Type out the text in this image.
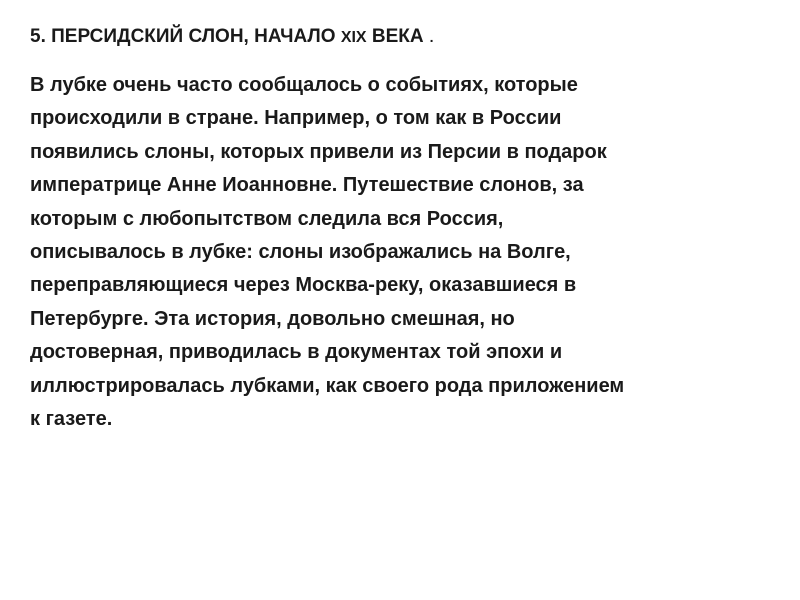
5. ПЕРСИДСКИЙ СЛОН, НАЧАЛО XIX ВЕКА .

В лубке очень часто сообщалось о событиях, которые
происходили в стране. Например, о том как в России
появились слоны, которых привели из Персии в подарок
императрице Анне Иоанновне. Путешествие слонов, за
которым с любопытством следила вся Россия,
описывалось в лубке: слоны изображались на Волге,
переправляющиеся через Москва-реку, оказавшиеся в
Петербурге. Эта история, довольно смешная, но
достоверная, приводилась в документах той эпохи и
иллюстрировалась лубками, как своего рода приложением
к газете.
